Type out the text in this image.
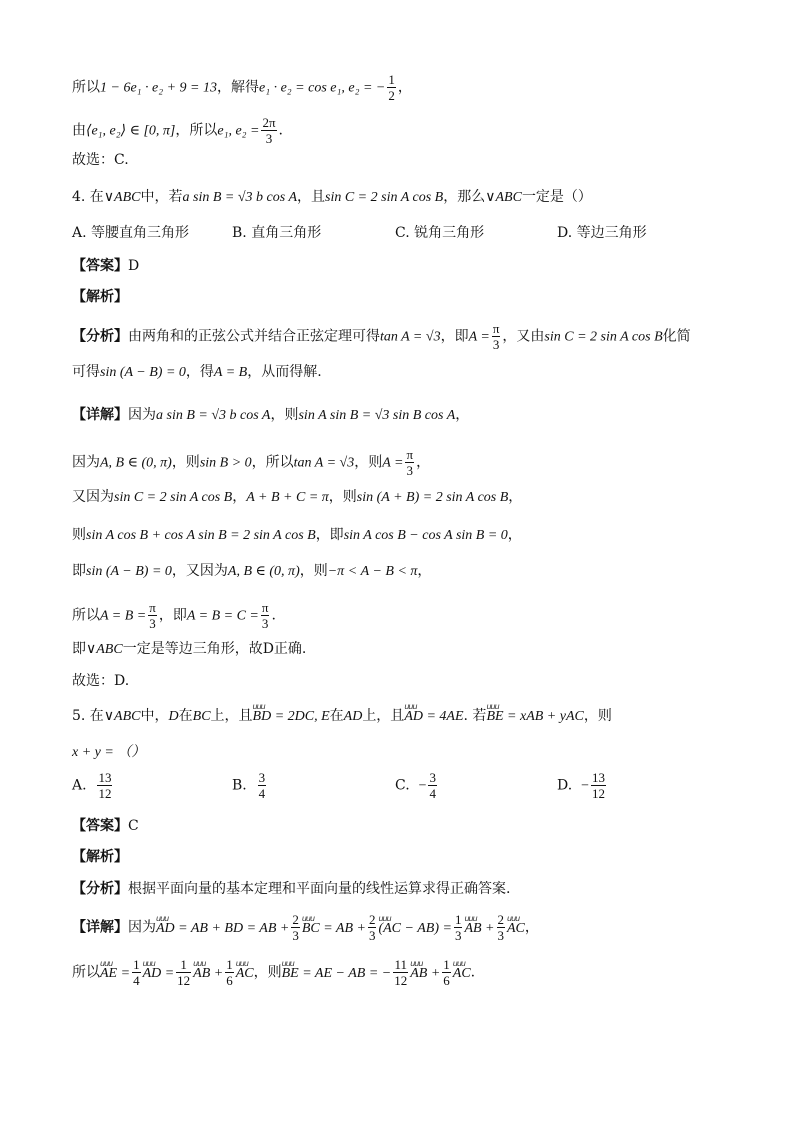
所以1 − 6e₁ · e₂ + 9 = 13，解得e₁ · e₂ = cos e₁, e₂ = − $\frac{1}{2}$ ，
由⟨e₁, e₂⟩ ∈ [0, π]，所以e₁, $e_2 = \frac{2\pi}{3}$ .
故选：C.
4. 在∨ABC中，若a sin B = √3 b cos A，且sin C = 2 sin A cos B，那么∨ABC一定是（）
A. 等腰直角三角形	B. 直角三角形	C. 锐角三角形	D. 等边三角形
【答案】D
【解析】
【分析】由两角和的正弦公式并结合正弦定理可得tan A = √3，即$A = \frac{\pi}{3}$ ，又由sin C = 2 sin A cos B化简
可得sin (A − B) = 0，得A = B，从而得解.
【详解】因为a sin B = √3 b cos A，则sin A sin B = √3 sin B cos A，
因为A, B ∈ (0, π)，则sin B > 0，所以tan A = √3，则$A = \frac{\pi}{3}$ ，
又因为sin C = 2 sin A cos B，A + B + C = π，则sin (A + B) = 2 sin A cos B，
则sin A cos B + cos A sin B = 2 sin A cos B，即sin A cos B − cos A sin B = 0，
即sin (A − B) = 0，又因为A, B ∈ (0, π)，则−π < A − B < π，
所以$A = B = \frac{\pi}{3}$ ，即$A = B = C = \frac{\pi}{3}$ .
即∨ABC一定是等边三角形，故D正确.
故选：D.
5. 在∨ABC中，D在BC上，且uuu BD = 2DC, E在AD上，且uuu AD = 4AE. 若uuu BE = xAB + yAC，则
x + y = （）
A. $\frac{13}{12}$	B. $\frac{3}{4}$	C. − $\frac{3}{4}$	D. − $\frac{13}{12}$
【答案】C
【解析】
【分析】根据平面向量的基本定理和平面向量的线性运算求得正确答案.
【详解】因为uuu AD = AB + BD = AB + $\frac{2}{3}$ uuu BC = AB + $\frac{2}{3}$ uuu $(AC - AB) = \frac{1}{3}$ uuu AB + $\frac{2}{3}$ uuu AC，
所以uuu AE = $\frac{1}{4}$ uuu AD = $\frac{1}{12}$ uuu AB + $\frac{1}{6}$ uuu AC，则uuu BE = AE − AB = − $\frac{11}{12}$ uuu AB + $\frac{1}{6}$ uuu AC.
